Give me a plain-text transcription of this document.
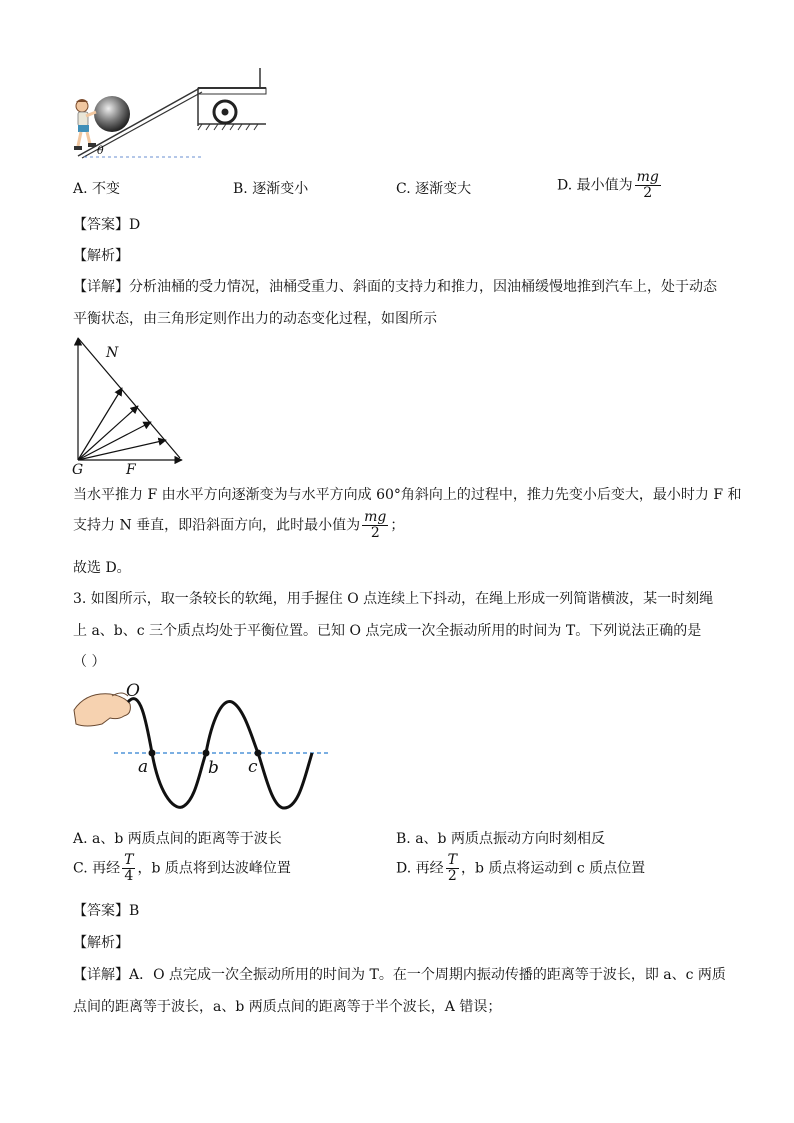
θ
A. 不变	B. 逐渐变小	C. 逐渐变大	D. 最小值为 $\frac{mg}{2}$
【答案】D
【解析】
【详解】分析油桶的受力情况，油桶受重力、斜面的支持力和推力，因油桶缓慢地推到汽车上，处于动态
平衡状态，由三角形定则作出力的动态变化过程，如图所示
N
G	F
当水平推力 F 由水平方向逐渐变为与水平方向成 60°角斜向上的过程中，推力先变小后变大，最小时力 F 和
支持力 N 垂直，即沿斜面方向，此时最小值为 $\frac{mg}{2}$ ；
故选 D。
3. 如图所示，取一条较长的软绳，用手握住 O 点连续上下抖动，在绳上形成一列简谐横波，某一时刻绳
上 a、b、c 三个质点均处于平衡位置。已知 O 点完成一次全振动所用的时间为 T。下列说法正确的是
（ ）
O
a	b c
A. a、b 两质点间的距离等于波长	B. a、b 两质点振动方向时刻相反
C. 再经 $\frac{T}{4}$ ，b 质点将到达波峰位置	D. 再经 $\frac{T}{2}$ ，b 质点将运动到 c 质点位置
【答案】B
【解析】
【详解】A．O 点完成一次全振动所用的时间为 T。在一个周期内振动传播的距离等于波长，即 a、c 两质
点间的距离等于波长，a、b 两质点间的距离等于半个波长，A 错误；
